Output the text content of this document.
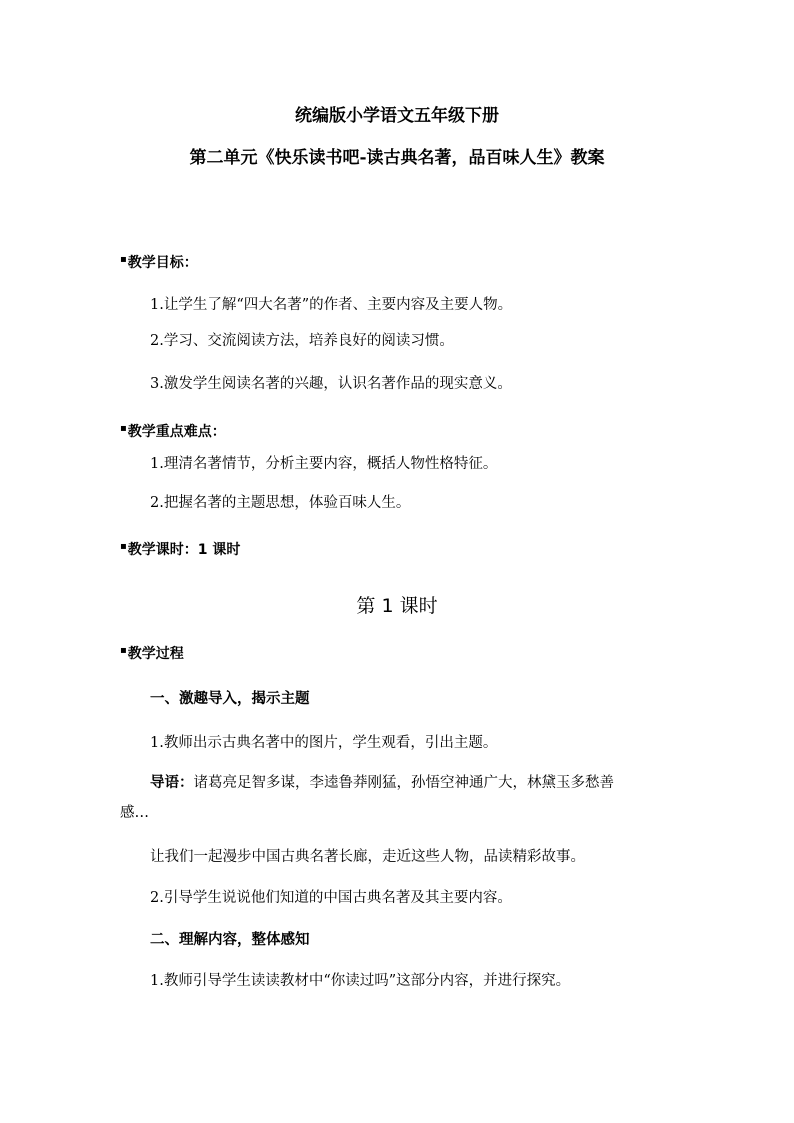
统编版小学语文五年级下册
第二单元《快乐读书吧-读古典名著，品百味人生》教案
▪教学目标：
1.让学生了解“四大名著”的作者、主要内容及主要人物。
2.学习、交流阅读方法，培养良好的阅读习惯。
3.激发学生阅读名著的兴趣，认识名著作品的现实意义。
▪教学重点难点：
1.理清名著情节，分析主要内容，概括人物性格特征。
2.把握名著的主题思想，体验百味人生。
▪教学课时：1 课时
第 1 课时
▪教学过程
一、激趣导入，揭示主题
1.教师出示古典名著中的图片，学生观看，引出主题。
导语：诸葛亮足智多谋，李逵鲁莽刚猛，孙悟空神通广大，林黛玉多愁善
感…
让我们一起漫步中国古典名著长廊，走近这些人物，品读精彩故事。
2.引导学生说说他们知道的中国古典名著及其主要内容。
二、理解内容，整体感知
1.教师引导学生读读教材中“你读过吗”这部分内容，并进行探究。
